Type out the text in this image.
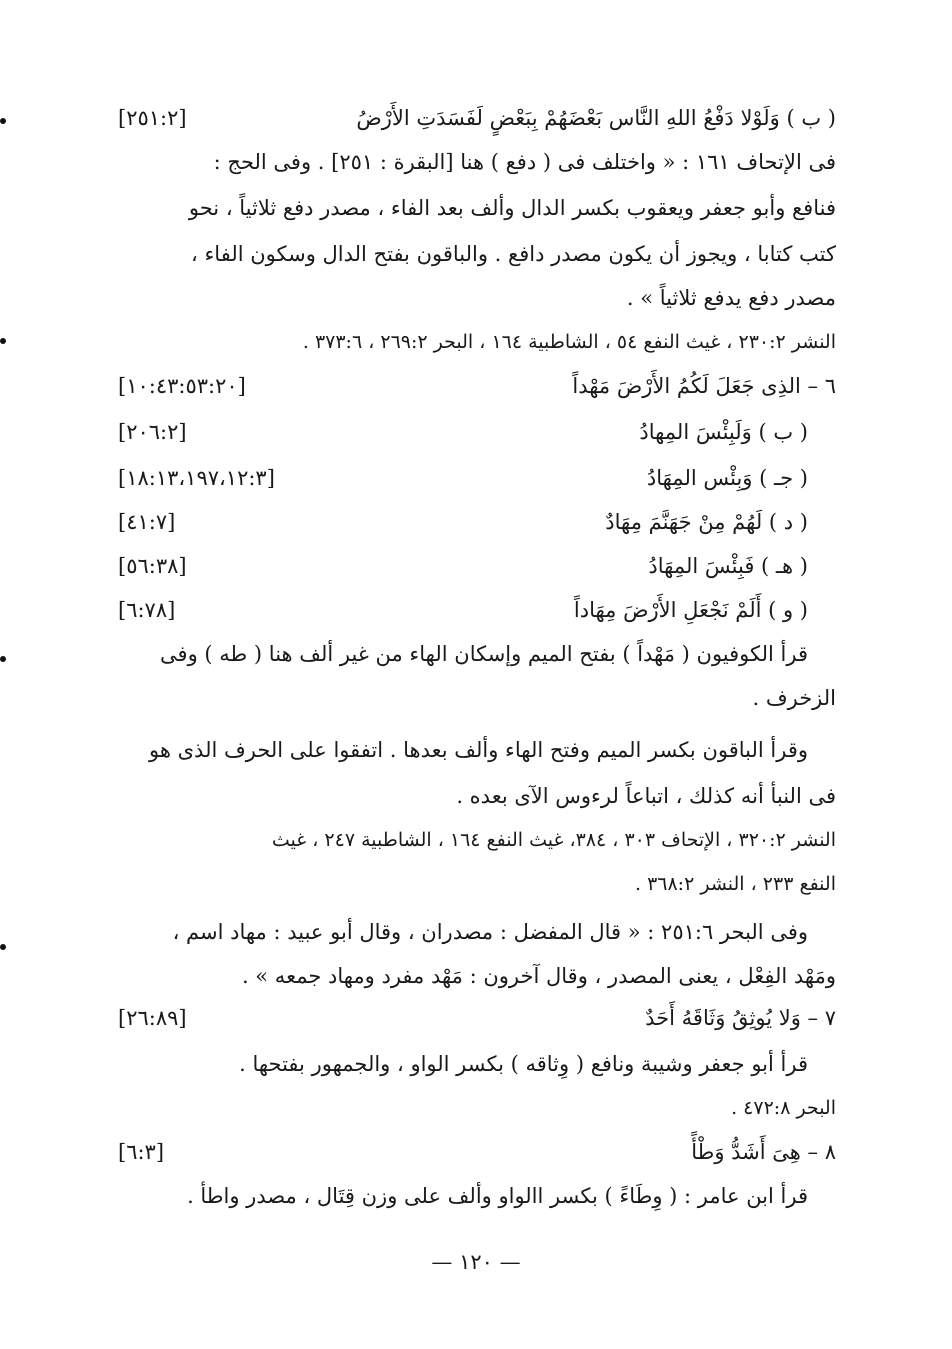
( ب ) وَلَوْلا دَفْعُ اللهِ النَّاس بَعْضَهُمْ بِبَعْضٍ لَفَسَدَتِ الأَرْضُ
[٢٥١:٢]
فى الإتحاف ١٦١ : « واختلف فى ( دفع ) هنا [البقرة : ٢٥١] . وفى الحج :
فنافع وأبو جعفر ويعقوب بكسر الدال وألف بعد الفاء ، مصدر دفع ثلاثياً ، نحو
كتب كتابا ، ويجوز أن يكون مصدر دافع . والباقون بفتح الدال وسكون الفاء ،
مصدر دفع يدفع ثلاثياً » .
النشر ٢٣٠:٢ ، غيث النفع ٥٤ ، الشاطبية ١٦٤ ، البحر ٢٦٩:٢ ، ٣٧٣:٦ .
٦ – الذِى جَعَلَ لَكُمُ الأَرْضَ مَهْداً
[١٠:٤٣:٥٣:٢٠]
( ب ) وَلَبِئْسَ المِهادُ
[٢٠٦:٢]
( جـ ) وَبِئْس المِهَادُ
[١٨:١٣،١٩٧،١٢:٣]
( د ) لَهُمْ مِنْ جَهَنَّمَ مِهَادٌ
[٤١:٧]
( هـ ) فَبِئْسَ المِهَادُ
[٥٦:٣٨]
( و ) أَلَمْ نَجْعَلِ الأَرْضَ مِهَاداً
[٦:٧٨]
قرأ الكوفيون ( مَهْداً ) بفتح الميم وإسكان الهاء من غير ألف هنا ( طه ) وفى
الزخرف .
وقرأ الباقون بكسر الميم وفتح الهاء وألف بعدها . اتفقوا على الحرف الذى هو
فى النبأ أنه كذلك ، اتباعاً لرءوس الآى بعده .
النشر ٣٢٠:٢ ، الإتحاف ٣٠٣ ، ٣٨٤، غيث النفع ١٦٤ ، الشاطبية ٢٤٧ ، غيث
النفع ٢٣٣ ، النشر ٣٦٨:٢ .
وفى البحر ٢٥١:٦ : « قال المفضل : مصدران ، وقال أبو عبيد : مهاد اسم ،
ومَهْد الفِعْل ، يعنى المصدر ، وقال آخرون : مَهْد مفرد ومهاد جمعه » .
٧ – وَلا يُوثِقُ وَثَاقَهُ أَحَدٌ
[٢٦:٨٩]
قرأ أبو جعفر وشيبة ونافع ( وِثاقه ) بكسر الواو ، والجمهور بفتحها .
البحر ٤٧٢:٨ .
٨ – هِىَ أَشَدُّ وَطْأً
[٦:٣]
قرأ ابن عامر : ( وِطَاءً ) بكسر االواو وألف على وزن قِتَال ، مصدر واطأ .
— ١٢٠ —
